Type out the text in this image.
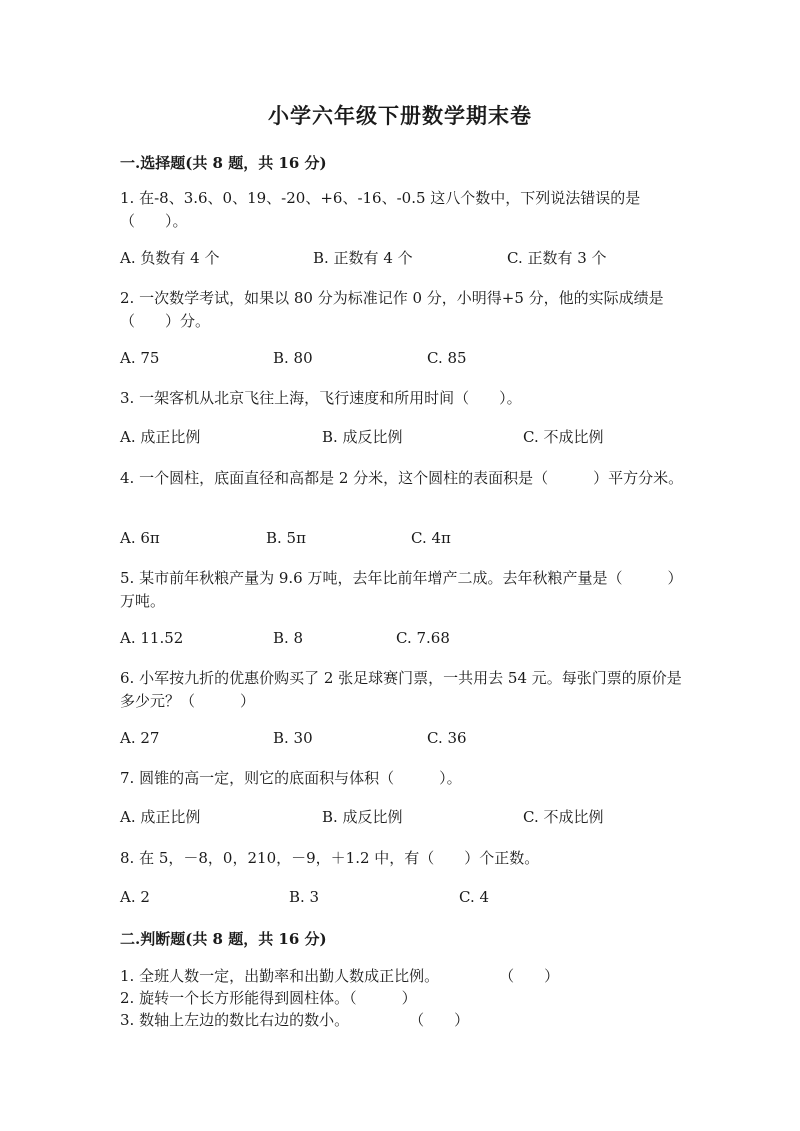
小学六年级下册数学期末卷
一.选择题(共 8 题，共 16 分)
1. 在-8、3.6、0、19、-20、+6、-16、-0.5 这八个数中，下列说法错误的是（　　）。
A. 负数有 4 个	B. 正数有 4 个	C. 正数有 3 个
2. 一次数学考试，如果以 80 分为标准记作 0 分，小明得+5 分，他的实际成绩是（　　）分。
A. 75	B. 80	C. 85
3. 一架客机从北京飞往上海，飞行速度和所用时间（　　）。
A. 成正比例	B. 成反比例	C. 不成比例
4. 一个圆柱，底面直径和高都是 2 分米，这个圆柱的表面积是（　　　）平方分米。
A. 6π	B. 5π	C. 4π
5. 某市前年秋粮产量为 9.6 万吨，去年比前年增产二成。去年秋粮产量是（　　　）万吨。
A. 11.52	B. 8	C. 7.68
6. 小军按九折的优惠价购买了 2 张足球赛门票，一共用去 54 元。每张门票的原价是多少元？（　　　）
A. 27	B. 30	C. 36
7. 圆锥的高一定，则它的底面积与体积（　　　）。
A. 成正比例	B. 成反比例	C. 不成比例
8. 在 5，－8，0，210，－9，＋1.2 中，有（　　）个正数。
A. 2	B. 3	C. 4
二.判断题(共 8 题，共 16 分)
1. 全班人数一定，出勤率和出勤人数成正比例。　　　　　（　　）
2. 旋转一个长方形能得到圆柱体。（　　　）
3. 数轴上左边的数比右边的数小。　　　　　（　　）
